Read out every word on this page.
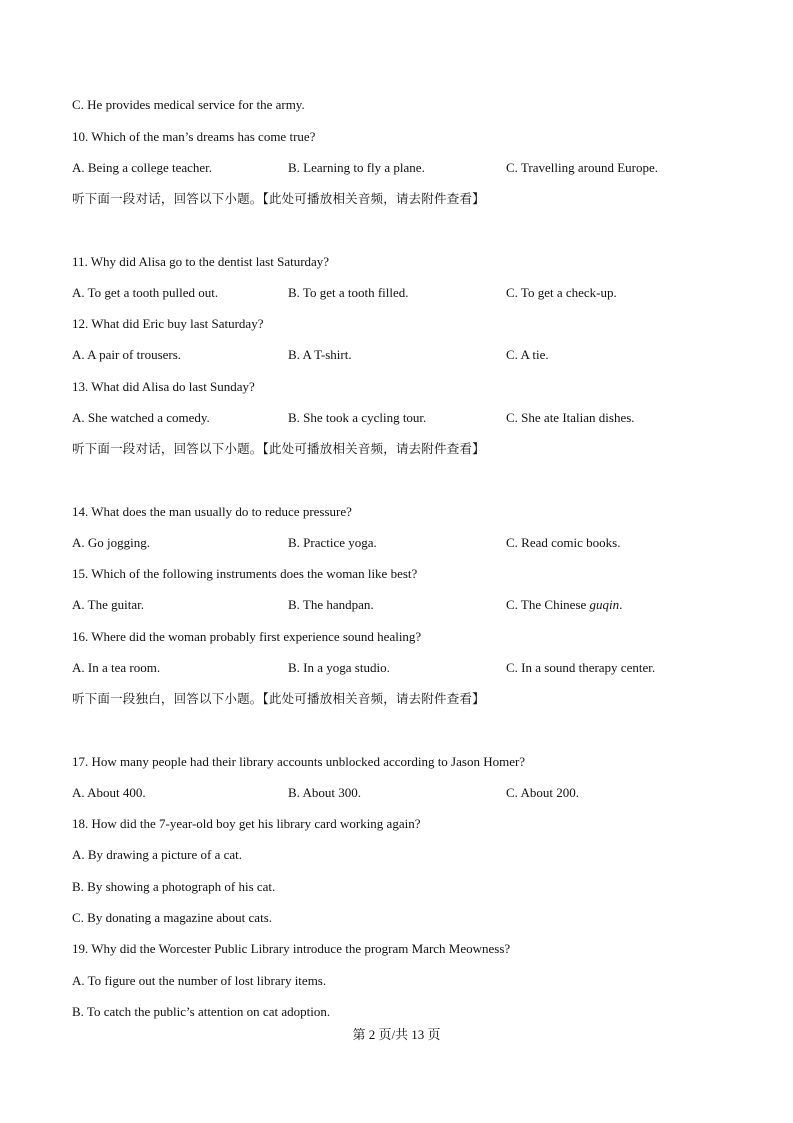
C. He provides medical service for the army.
10. Which of the man’s dreams has come true?
A. Being a college teacher.	B. Learning to fly a plane.	C. Travelling around Europe.
听下面一段对话，回答以下小题。【此处可播放相关音频，请去附件查看】
11. Why did Alisa go to the dentist last Saturday?
A. To get a tooth pulled out.	B. To get a tooth filled.	C. To get a check-up.
12. What did Eric buy last Saturday?
A. A pair of trousers.	B. A T-shirt.	C. A tie.
13. What did Alisa do last Sunday?
A. She watched a comedy.	B. She took a cycling tour.	C. She ate Italian dishes.
听下面一段对话，回答以下小题。【此处可播放相关音频，请去附件查看】
14. What does the man usually do to reduce pressure?
A. Go jogging.	B. Practice yoga.	C. Read comic books.
15. Which of the following instruments does the woman like best?
A. The guitar.	B. The handpan.	C. The Chinese guqin.
16. Where did the woman probably first experience sound healing?
A. In a tea room.	B. In a yoga studio.	C. In a sound therapy center.
听下面一段独白，回答以下小题。【此处可播放相关音频，请去附件查看】
17. How many people had their library accounts unblocked according to Jason Homer?
A. About 400.	B. About 300.	C. About 200.
18. How did the 7-year-old boy get his library card working again?
A. By drawing a picture of a cat.
B. By showing a photograph of his cat.
C. By donating a magazine about cats.
19. Why did the Worcester Public Library introduce the program March Meowness?
A. To figure out the number of lost library items.
B. To catch the public’s attention on cat adoption.
第 2 页/共 13 页
